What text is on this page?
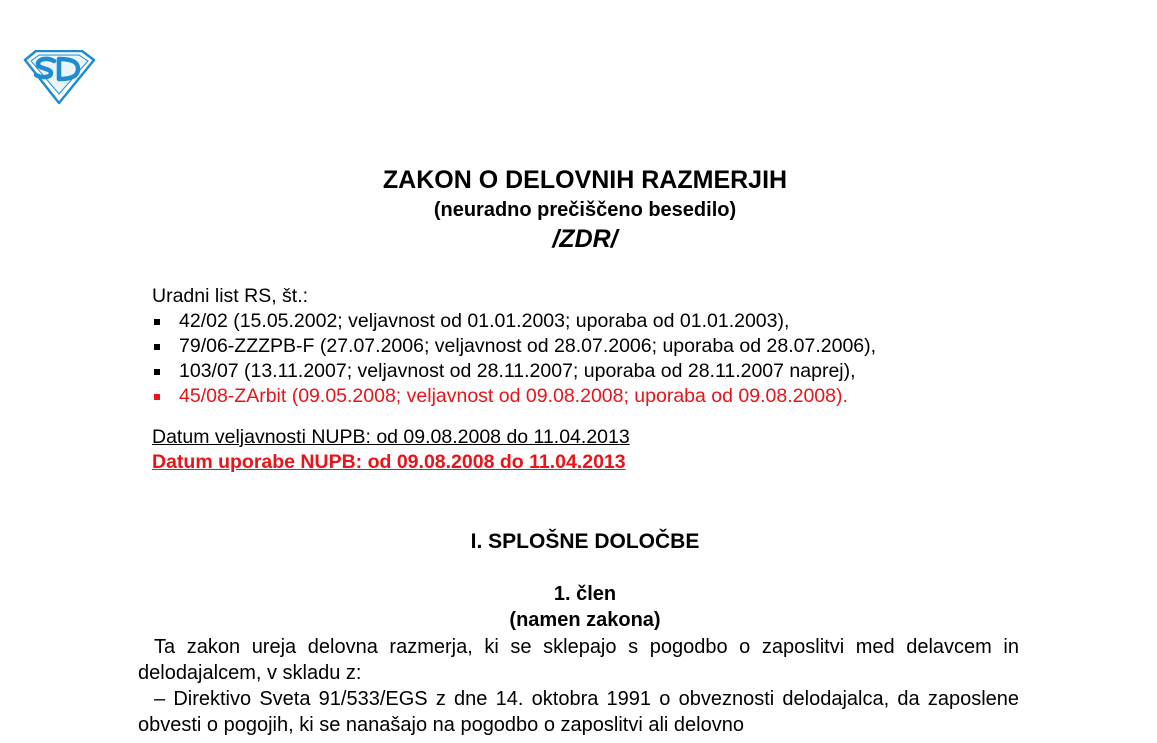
ZAKON O DELOVNIH RAZMERJIH
(neuradno prečiščeno besedilo)
/ZDR/
Uradni list RS, št.:
42/02 (15.05.2002; veljavnost od 01.01.2003; uporaba od 01.01.2003),
79/06-ZZZPB-F (27.07.2006; veljavnost od 28.07.2006; uporaba od 28.07.2006),
103/07 (13.11.2007; veljavnost od 28.11.2007; uporaba od 28.11.2007 naprej),
45/08-ZArbit (09.05.2008; veljavnost od 09.08.2008; uporaba od 09.08.2008).
Datum veljavnosti NUPB: od 09.08.2008 do 11.04.2013
Datum uporabe NUPB: od 09.08.2008 do 11.04.2013
I. SPLOŠNE DOLOČBE
1. člen
(namen zakona)

Ta zakon ureja delovna razmerja, ki se sklepajo s pogodbo o zaposlitvi med delavcem in delodajalcem, v skladu z:

– Direktivo Sveta 91/533/EGS z dne 14. oktobra 1991 o obveznosti delodajalca, da zaposlene obvesti o pogojih, ki se nanašajo na pogodbo o zaposlitvi ali delovno
